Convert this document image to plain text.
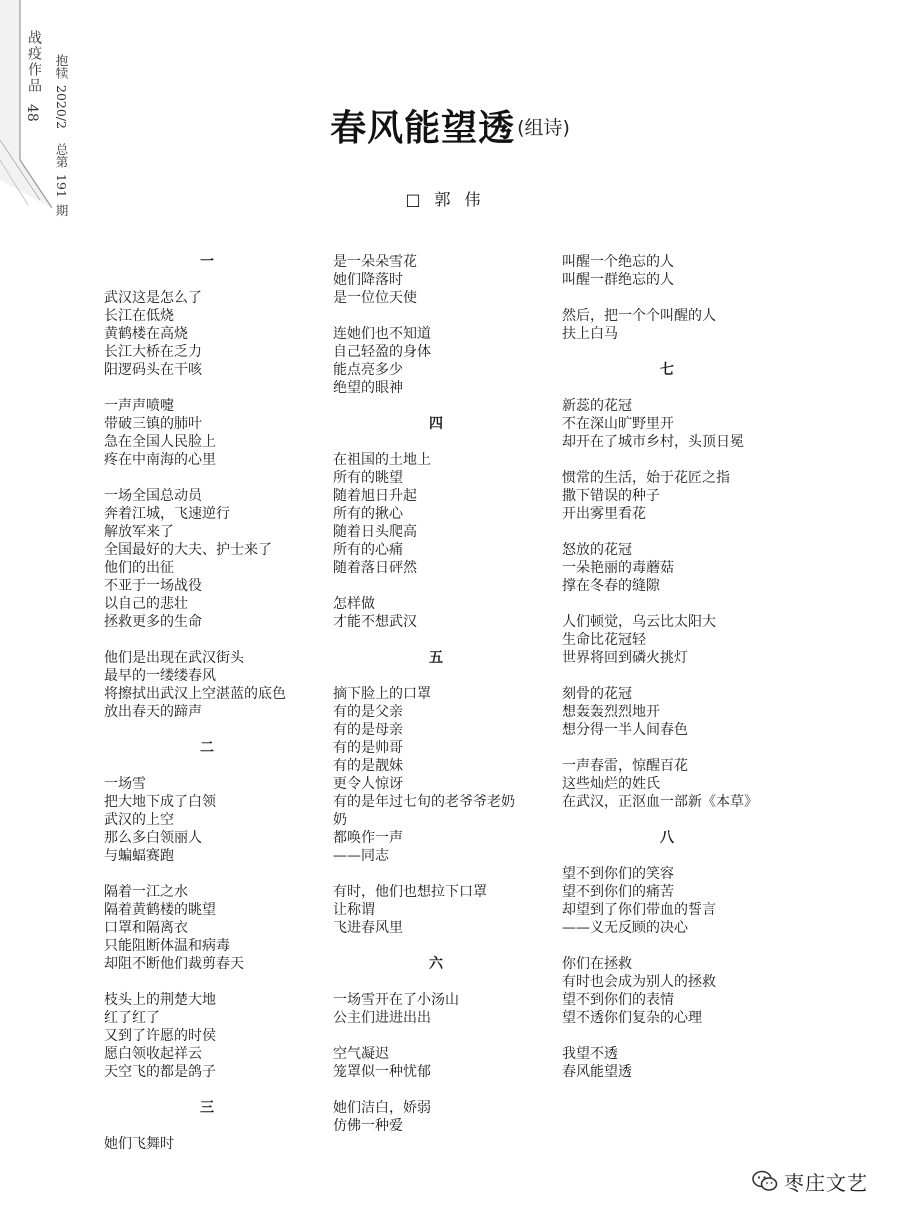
战疫作品
48
抱犊 2020/2 总第 191 期
春风能望透 (组诗)
□郭伟
一
武汉这是怎么了
长江在低烧
黄鹤楼在高烧
长江大桥在乏力
阳逻码头在干咳
一声声喷嚏
带破三镇的肺叶
急在全国人民脸上
疼在中南海的心里
一场全国总动员
奔着江城，飞速逆行
解放军来了
全国最好的大夫、护士来了
他们的出征
不亚于一场战役
以自己的悲壮
拯救更多的生命
他们是出现在武汉街头
最早的一缕缕春风
将擦拭出武汉上空湛蓝的底色
放出春天的蹄声
二
一场雪
把大地下成了白领
武汉的上空
那么多白领丽人
与蝙蝠赛跑
隔着一江之水
隔着黄鹤楼的眺望
口罩和隔离衣
只能阻断体温和病毒
却阻不断他们裁剪春天
枝头上的荆楚大地
红了红了
又到了许愿的时侯
愿白领收起祥云
天空飞的都是鸽子
三
她们飞舞时
是一朵朵雪花
她们降落时
是一位位天使
连她们也不知道
自己轻盈的身体
能点亮多少
绝望的眼神
四
在祖国的土地上
所有的眺望
随着旭日升起
所有的揪心
随着日头爬高
所有的心痛
随着落日砰然
怎样做
才能不想武汉
五
摘下脸上的口罩
有的是父亲
有的是母亲
有的是帅哥
有的是靓妹
更令人惊讶
有的是年过七旬的老爷爷老奶
奶
都唤作一声
——同志
有时，他们也想拉下口罩
让称谓
飞进春风里
六
一场雪开在了小汤山
公主们进进出出
空气凝迟
笼罩似一种忧郁
她们洁白，娇弱
仿佛一种爱
叫醒一个绝忘的人
叫醒一群绝忘的人
然后，把一个个叫醒的人
扶上白马
七
新蕊的花冠
不在深山旷野里开
却开在了城市乡村，头顶日冕
惯常的生活，始于花匠之指
撒下错误的种子
开出雾里看花
怒放的花冠
一朵艳丽的毒蘑菇
撑在冬春的缝隙
人们顿觉，乌云比太阳大
生命比花冠轻
世界将回到磷火挑灯
刻骨的花冠
想轰轰烈烈地开
想分得一半人间春色
一声春雷，惊醒百花
这些灿烂的姓氏
在武汉，正沤血一部新《本草》
八
望不到你们的笑容
望不到你们的痛苦
却望到了你们带血的誓言
——义无反顾的决心
你们在拯救
有时也会成为别人的拯救
望不到你们的表情
望不透你们复杂的心理
我望不透
春风能望透
枣庄文艺
